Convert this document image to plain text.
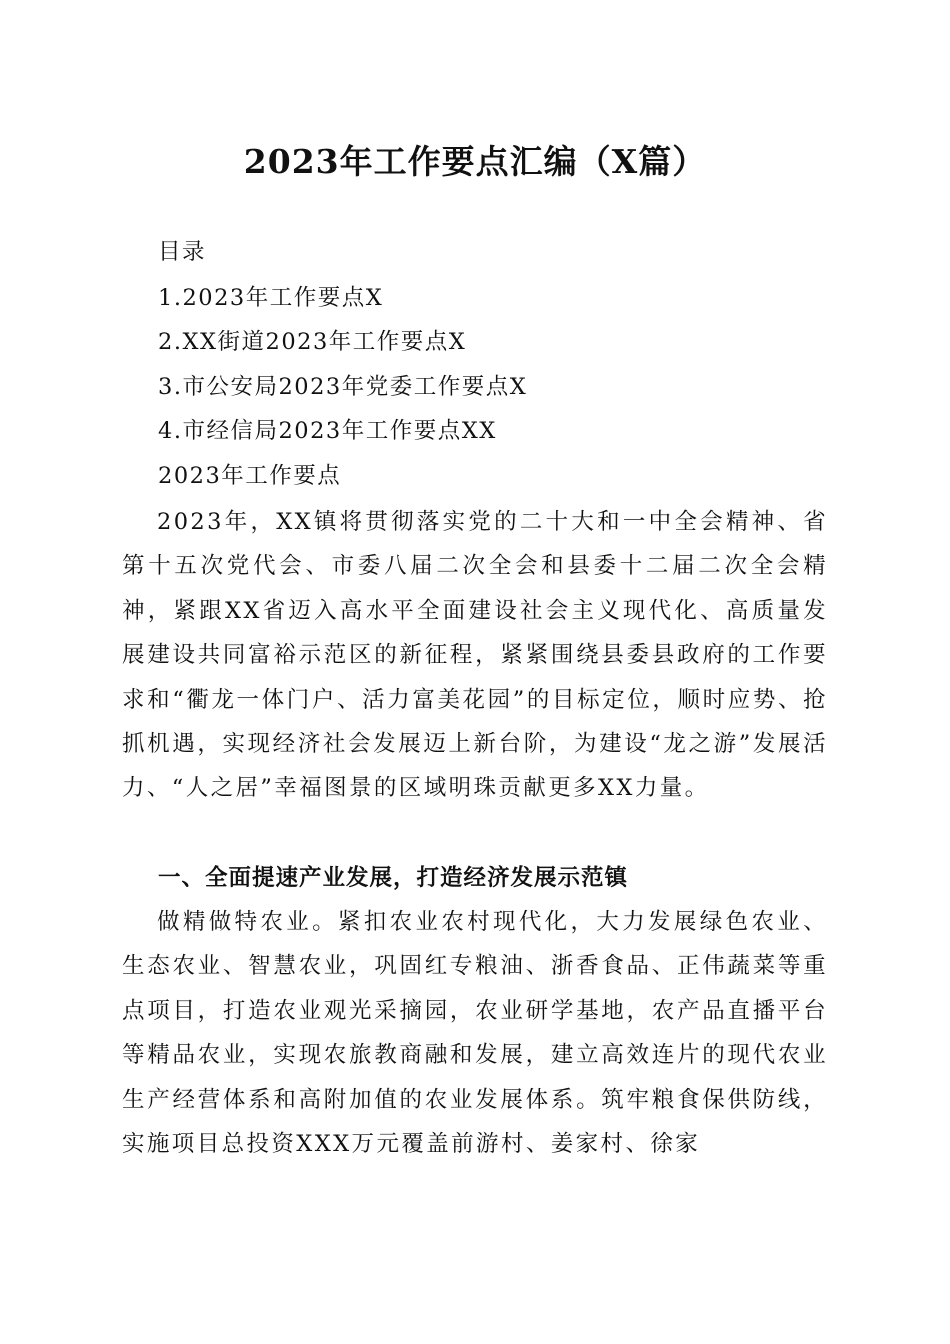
2023年工作要点汇编（X篇）
目录
1.2023年工作要点X
2.XX街道2023年工作要点X
3.市公安局2023年党委工作要点X
4.市经信局2023年工作要点XX
2023年工作要点
2023年，XX镇将贯彻落实党的二十大和一中全会精神、省第十五次党代会、市委八届二次全会和县委十二届二次全会精神，紧跟XX省迈入高水平全面建设社会主义现代化、高质量发展建设共同富裕示范区的新征程，紧紧围绕县委县政府的工作要求和“衢龙一体门户、活力富美花园”的目标定位，顺时应势、抢抓机遇，实现经济社会发展迈上新台阶，为建设“龙之游”发展活力、“人之居”幸福图景的区域明珠贡献更多XX力量。
一、全面提速产业发展，打造经济发展示范镇
做精做特农业。紧扣农业农村现代化，大力发展绿色农业、生态农业、智慧农业，巩固红专粮油、浙香食品、正伟蔬菜等重点项目，打造农业观光采摘园，农业研学基地，农产品直播平台等精品农业，实现农旅教商融和发展，建立高效连片的现代农业生产经营体系和高附加值的农业发展体系。筑牢粮食保供防线，实施项目总投资XXX万元覆盖前游村、姜家村、徐家
